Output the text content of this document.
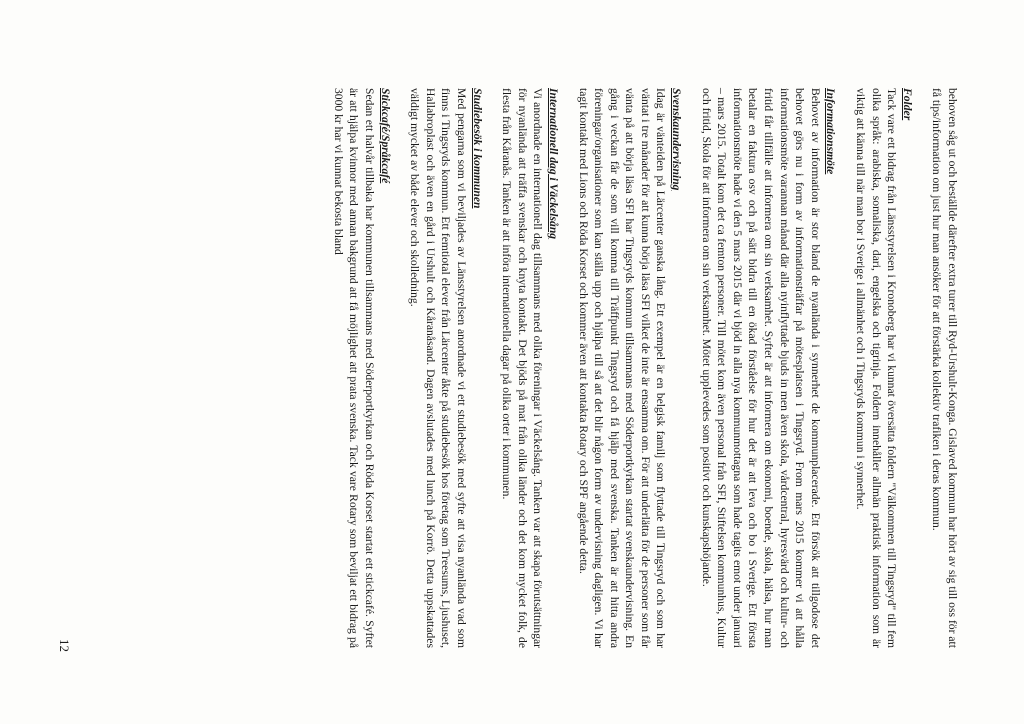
behoven såg ut och beställde därefter extra turer till Ryd-Urshult-Konga. Gislaved kommun har hört av sig till oss för att få tips/information om just hur man ansöker för att förstärka kollektiv trafiken i deras kommun.

Folder

Tack vare ett bidrag från Länsstyrelsen i Kronoberg har vi kunnat översätta foldern "Välkommen till Tingsryd" till fem olika språk: arabiska, somaliska, dari, engelska och tigrinja. Foldern innehåller allmän praktisk information som är viktig att känna till när man bor i Sverige i allmänhet och i Tingsryds kommun i synnerhet.

Informationsmöte

Behovet av information är stor bland de nyanlända i synnerhet de kommunplacerade. Ett försök att tillgodose det behovet görs nu i form av informationsträffar på mötesplatsen i Tingsryd. From mars 2015 kommer vi att hålla informationsmöte varannan månad där alla nyinflyttade bjuds in men även skola, vårdcentral, hyresvärd och kultur- och fritid får tillfälle att informera om sin verksamhet. Syftet är att informera om ekonomi, boende, skola, hälsa, hur man betalar en faktura osv och på sätt bidra till en ökad förståelse för hur det är att leva och bo i Sverige. Ett första informationsmöte hade vi den 5 mars 2015 där vi bjöd in alla nya kommunmottagna som hade tagits emot under januari – mars 2015. Totalt kom det ca femton personer. Till mötet kom även personal från SFI, Stiftelsen kommunhus, Kultur och fritid, Skola för att informera om sin verksamhet. Mötet upplevedes som positivt och kunskapshöjande.

Svenskaundervisning

Idag är vänteiden på Lärcenter ganska lång. Ett exempel är en belgisk familj som flyttade till Tingsryd och som har väntat i tre månader för att kunna börja läsa SFI vilket de inte är ensamma om. För att underlätta för de personer som får vänta på att börja läsa SFI har Tingsryds kommun tillsammans med Söderportkyrkan startat svenskaundervisning. En gång i veckan får de som vill komma till Träffpunkt Tingsryd och få hjälp med svenska. Tanken är att hitta andra föreningar/organisationer som kan ställa upp och hjälpa till så att det blir någon form av undervisning dagligen. Vi har tagit kontakt med Lions och Röda Korset och kommer även att kontakta Rotary och SPF angående detta.

Internationell dag i Väckelsång

Vi anordnade en internationell dag tillsammans med olika föreningar i Väckelsång. Tanken var att skapa förutsättningar för nyanlända att träffa svenskar och knyta kontakt. Det bjöds på mat från olika länder och det kom mycket folk, de flesta från Kåranås. Tanken är att införa internationella dagar på olika orter i kommunen.

Studiebesök i kommunen

Med pengarna som vi beviljades av Länsstyrelsen anordnade vi ett studiebesök med syfte att visa nyanlända vad som finns i Tingsryds kommun. Ett femtiotal elever från Lärcenter åkte på studiebesök hos företag som Treesums, Ljushuset, Hallabroplast och även en gård i Urshult och Kåranåsand. Dagen avslutades med lunch på Korrö. Detta uppskattades väldigt mycket av både elever och skolledning.

Stickcafé/Språkcafé

Sedan ett halvår tillbaka har kommunen tillsammans med Söderportkyrkan och Röda Korset startat ett stickcafé. Syftet är att hjälpa kvinnor med annan bakgrund att få möjlighet att prata svenska. Tack vare Rotary som beviljat ett bidrag på 3000 kr har vi kunnat bekosta bland

12
